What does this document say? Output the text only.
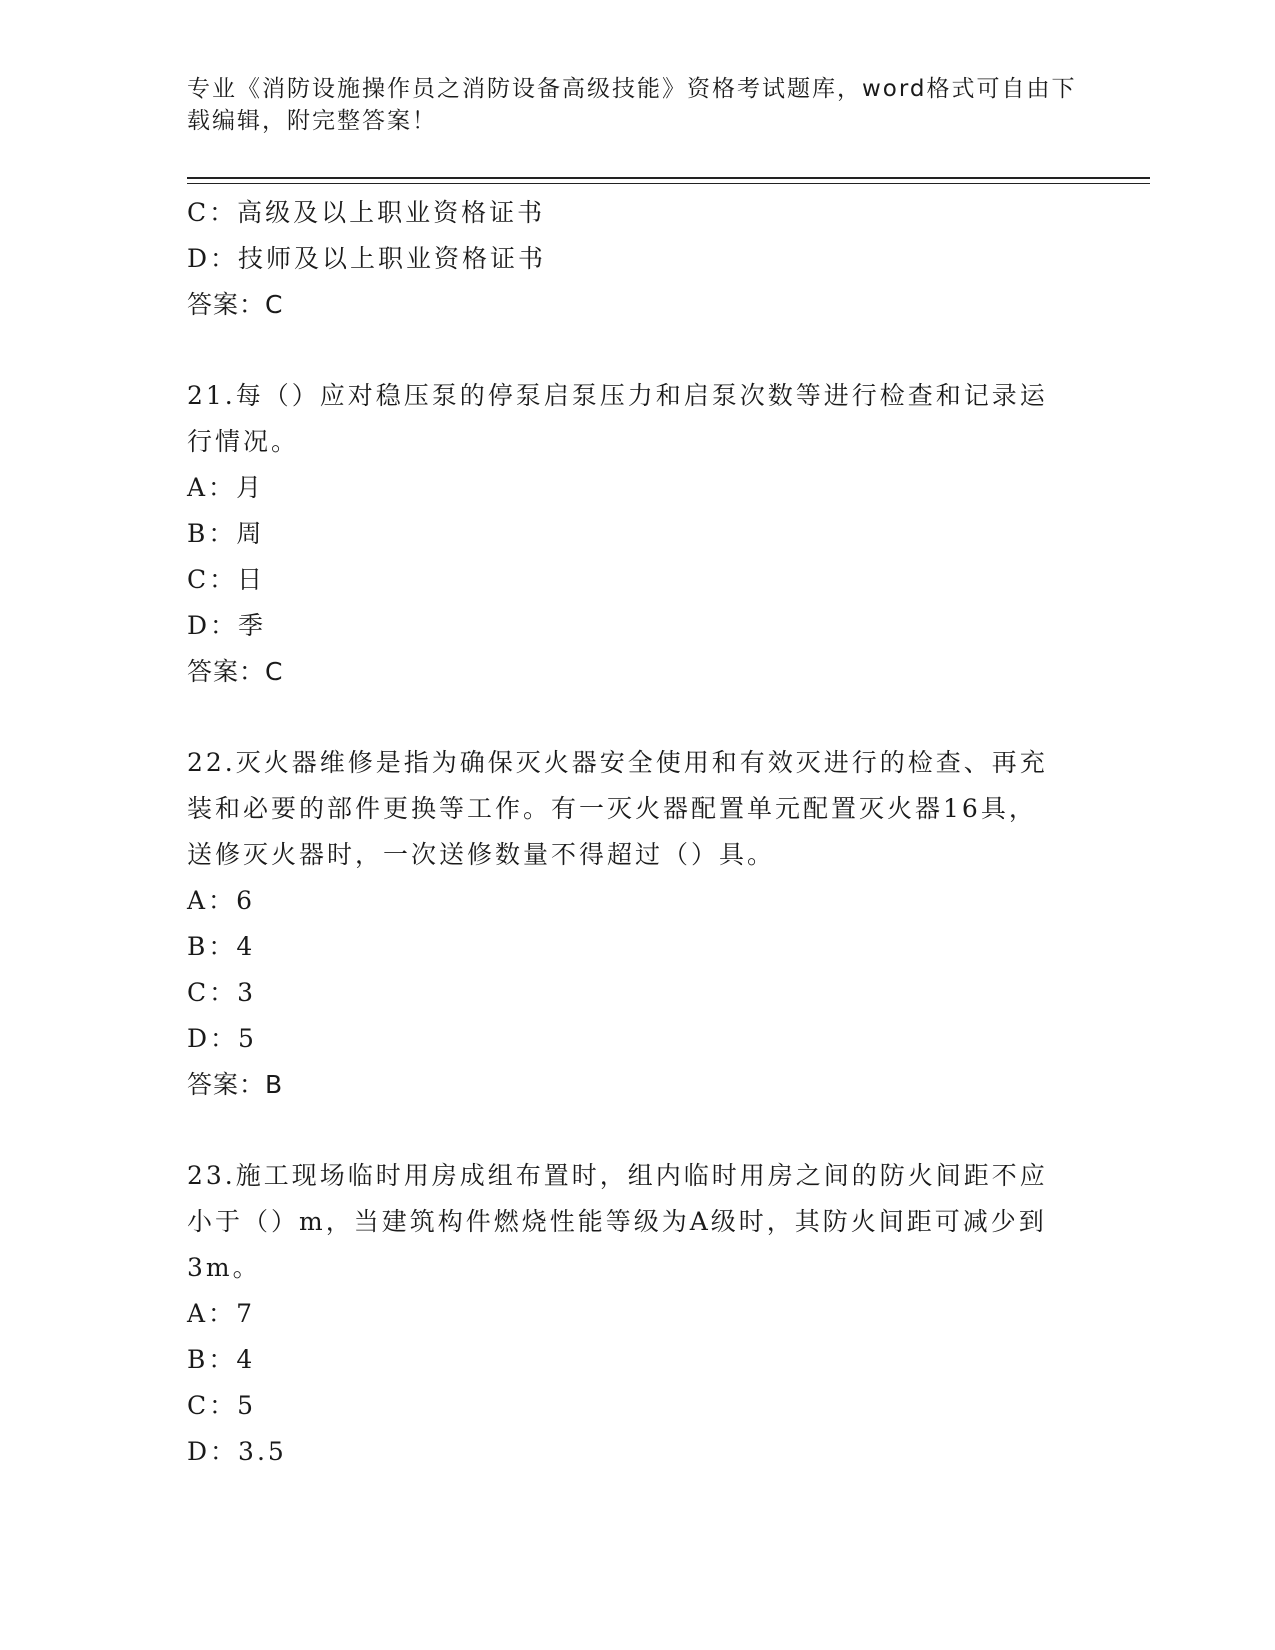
专业《消防设施操作员之消防设备高级技能》资格考试题库，word格式可自由下
载编辑，附完整答案！
C：高级及以上职业资格证书
D：技师及以上职业资格证书
答案：C
21.每（）应对稳压泵的停泵启泵压力和启泵次数等进行检查和记录运
行情况。
A：月
B：周
C：日
D：季
答案：C
22.灭火器维修是指为确保灭火器安全使用和有效灭进行的检查、再充
装和必要的部件更换等工作。有一灭火器配置单元配置灭火器16具，
送修灭火器时，一次送修数量不得超过（）具。
A：6
B：4
C：3
D：5
答案：B
23.施工现场临时用房成组布置时，组内临时用房之间的防火间距不应
小于（）m，当建筑构件燃烧性能等级为A级时，其防火间距可减少到
3m。
A：7
B：4
C：5
D：3.5
